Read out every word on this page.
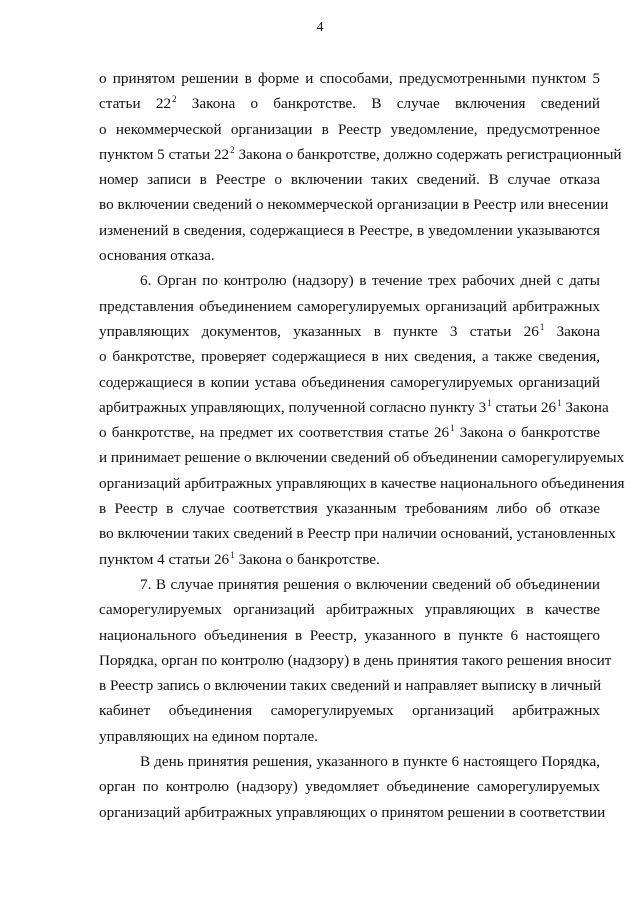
4
о принятом решении в форме и способами, предусмотренными пунктом 5
статьи $22^2$ Закона о банкротстве. В случае включения сведений
о некоммерческой организации в Реестр уведомление, предусмотренное
пунктом 5 статьи $22^2$ Закона о банкротстве, должно содержать регистрационный
номер записи в Реестре о включении таких сведений. В случае отказа
во включении сведений о некоммерческой организации в Реестр или внесении
изменений в сведения, содержащиеся в Реестре, в уведомлении указываются
основания отказа.
6. Орган по контролю (надзору) в течение трех рабочих дней с даты
представления объединением саморегулируемых организаций арбитражных
управляющих документов, указанных в пункте 3 статьи $26^1$ Закона
о банкротстве, проверяет содержащиеся в них сведения, а также сведения,
содержащиеся в копии устава объединения саморегулируемых организаций
арбитражных управляющих, полученной согласно пункту $3^1$ статьи $26^1$ Закона
о банкротстве, на предмет их соответствия статье $26^1$ Закона о банкротстве
и принимает решение о включении сведений об объединении саморегулируемых
организаций арбитражных управляющих в качестве национального объединения
в Реестр в случае соответствия указанным требованиям либо об отказе
во включении таких сведений в Реестр при наличии оснований, установленных
пунктом 4 статьи $26^1$ Закона о банкротстве.
7. В случае принятия решения о включении сведений об объединении
саморегулируемых организаций арбитражных управляющих в качестве
национального объединения в Реестр, указанного в пункте 6 настоящего
Порядка, орган по контролю (надзору) в день принятия такого решения вносит
в Реестр запись о включении таких сведений и направляет выписку в личный
кабинет объединения саморегулируемых организаций арбитражных
управляющих на едином портале.
В день принятия решения, указанного в пункте 6 настоящего Порядка,
орган по контролю (надзору) уведомляет объединение саморегулируемых
организаций арбитражных управляющих о принятом решении в соответствии
